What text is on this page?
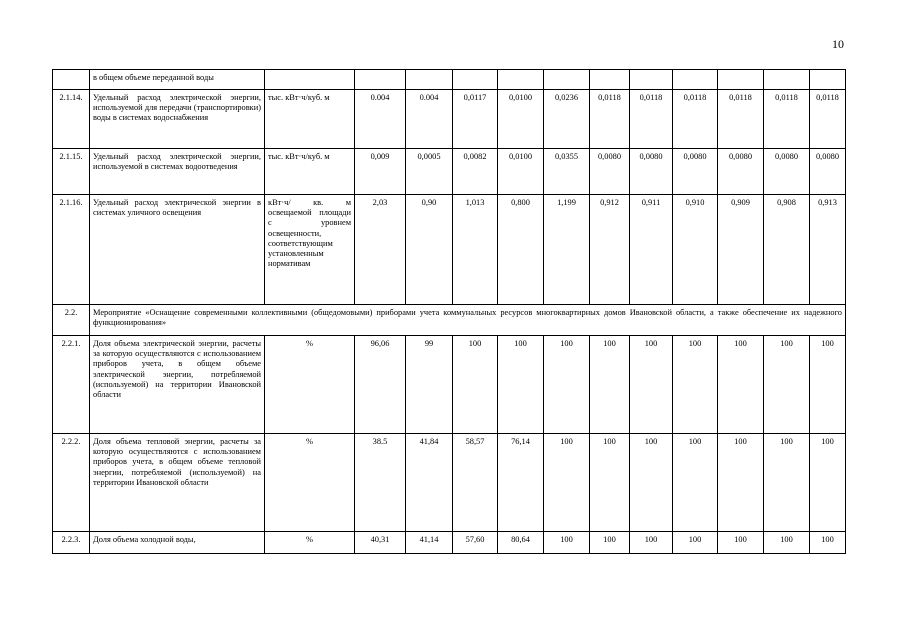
10
	в общем объеме переданной воды												
2.1.14.	Удельный расход электрической энергии, используемой для передачи (транспортировки) воды в системах водоснабжения	тыс. кВт·ч/куб. м	0.004	0.004	0,0117	0,0100	0,0236	0,0118	0,0118	0,0118	0,0118	0,0118	0,0118
2.1.15.	Удельный расход электрической энергии, используемой в системах водоотведения	тыс. кВт·ч/куб. м	0,009	0,0005	0,0082	0,0100	0,0355	0,0080	0,0080	0,0080	0,0080	0,0080	0,0080
2.1.16.	Удельный расход электрической энергии в системах уличного освещения	кВт·ч/ кв. м освещаемой площади с уровнем освещенности, соответствующим установленным нормативам	2,03	0,90	1,013	0,800	1,199	0,912	0,911	0,910	0,909	0,908	0,913
2.2.	Мероприятие «Оснащение современными коллективными (общедомовыми) приборами учета коммунальных ресурсов многоквартирных домов Ивановской области, а также обеспечение их надежного функционирования»												
2.2.1.	Доля объема электрической энергии, расчеты за которую осуществляются с использованием приборов учета, в общем объеме электрической энергии, потребляемой (используемой) на территории Ивановской области	%	96,06	99	100	100	100	100	100	100	100	100	100
2.2.2.	Доля объема тепловой энергии, расчеты за которую осуществляются с использованием приборов учета, в общем объеме тепловой энергии, потребляемой (используемой) на территории Ивановской области	%	38.5	41,84	58,57	76,14	100	100	100	100	100	100	100
2.2.3.	Доля объема холодной воды,	%	40,31	41,14	57,60	80,64	100	100	100	100	100	100	100
